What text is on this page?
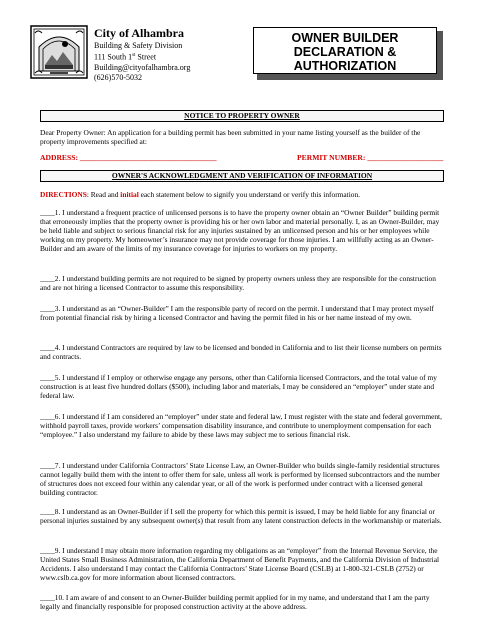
City of Alhambra
Building & Safety Division
111 South 1st Street
Building@cityofalhambra.org
(626)570-5032
OWNER BUILDER
DECLARATION &
AUTHORIZATION
NOTICE TO PROPERTY OWNER
Dear Property Owner: An application for a building permit has been submitted in your name listing yourself as the builder of the property improvements specified at:
ADDRESS: ____________________________________	PERMIT NUMBER: ____________________
OWNER'S ACKNOWLEDGMENT AND VERIFICATION OF INFORMATION
DIRECTIONS: Read and initial each statement below to signify you understand or verify this information.
____1. I understand a frequent practice of unlicensed persons is to have the property owner obtain an “Owner Builder” building permit that erroneously implies that the property owner is providing his or her own labor and material personally. I, as an Owner-Builder, may be held liable and subject to serious financial risk for any injuries sustained by an unlicensed person and his or her employees while working on my property. My homeowner’s insurance may not provide coverage for those injuries. I am willfully acting as an Owner-Builder and am aware of the limits of my insurance coverage for injuries to workers on my property.
____2. I understand building permits are not required to be signed by property owners unless they are responsible for the construction and are not hiring a licensed Contractor to assume this responsibility.
____3. I understand as an “Owner-Builder” I am the responsible party of record on the permit. I understand that I may protect myself from potential financial risk by hiring a licensed Contractor and having the permit filed in his or her name instead of my own.
____4. I understand Contractors are required by law to be licensed and bonded in California and to list their license numbers on permits and contracts.
____5. I understand if I employ or otherwise engage any persons, other than California licensed Contractors, and the total value of my construction is at least five hundred dollars ($500), including labor and materials, I may be considered an “employer” under state and federal law.
____6. I understand if I am considered an “employer” under state and federal law, I must register with the state and federal government, withhold payroll taxes, provide workers’ compensation disability insurance, and contribute to unemployment compensation for each “employee.” I also understand my failure to abide by these laws may subject me to serious financial risk.
____7. I understand under California Contractors’ State License Law, an Owner-Builder who builds single-family residential structures cannot legally build them with the intent to offer them for sale, unless all work is performed by licensed subcontractors and the number of structures does not exceed four within any calendar year, or all of the work is performed under contract with a licensed general building contractor.
____8. I understand as an Owner-Builder if I sell the property for which this permit is issued, I may be held liable for any financial or personal injuries sustained by any subsequent owner(s) that result from any latent construction defects in the workmanship or materials.
____9. I understand I may obtain more information regarding my obligations as an “employer” from the Internal Revenue Service, the United States Small Business Administration, the California Department of Benefit Payments, and the California Division of Industrial Accidents. I also understand I may contact the California Contractors’ State License Board (CSLB) at 1-800-321-CSLB (2752) or www.cslb.ca.gov for more information about licensed contractors.
____10. I am aware of and consent to an Owner-Builder building permit applied for in my name, and understand that I am the party legally and financially responsible for proposed construction activity at the above address.
